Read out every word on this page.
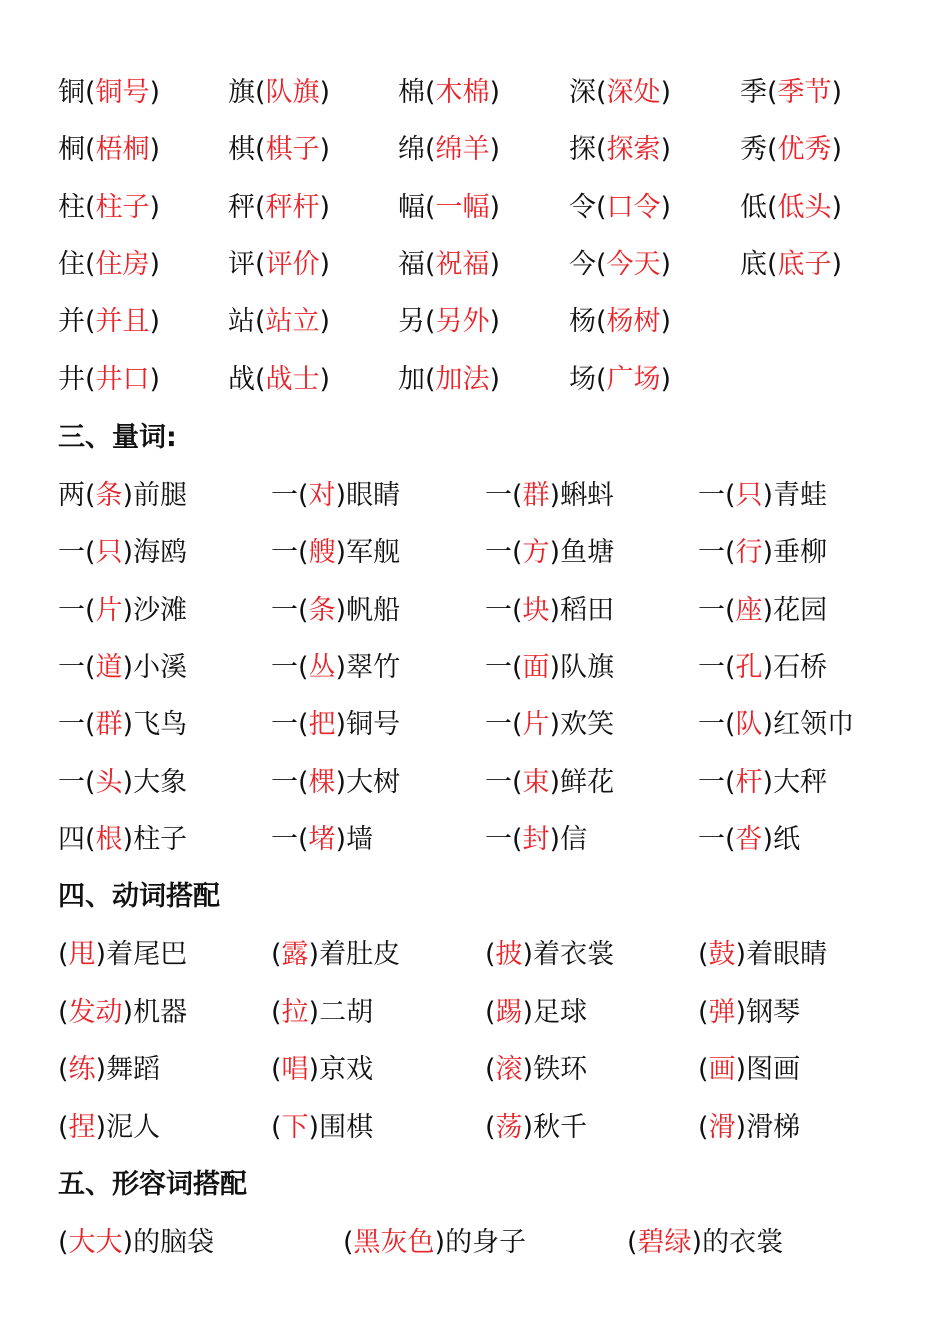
铜(铜号)	旗(队旗)	棉(木棉)	深(深处)	季(季节)
桐(梧桐)	棋(棋子)	绵(绵羊)	探(探索)	秀(优秀)
柱(柱子)	秤(秤杆)	幅(一幅)	令(口令)	低(低头)
住(住房)	评(评价)	福(祝福)	今(今天)	底(底子)
并(并且)	站(站立)	另(另外)	杨(杨树)
井(井口)	战(战士)	加(加法)	场(广场)
三、量词:
两(条)前腿	一(对)眼睛	一(群)蝌蚪	一(只)青蛙
一(只)海鸥	一(艘)军舰	一(方)鱼塘	一(行)垂柳
一(片)沙滩	一(条)帆船	一(块)稻田	一(座)花园
一(道)小溪	一(丛)翠竹	一(面)队旗	一(孔)石桥
一(群)飞鸟	一(把)铜号	一(片)欢笑	一(队)红领巾
一(头)大象	一(棵)大树	一(束)鲜花	一(杆)大秤
四(根)柱子	一(堵)墙	一(封)信	一(沓)纸
四、动词搭配
(甩)着尾巴	(露)着肚皮	(披)着衣裳	(鼓)着眼睛
(发动)机器	(拉)二胡	(踢)足球	(弹)钢琴
(练)舞蹈	(唱)京戏	(滚)铁环	(画)图画
(捏)泥人	(下)围棋	(荡)秋千	(滑)滑梯
五、形容词搭配
(大大)的脑袋	(黑灰色)的身子	(碧绿)的衣裳
